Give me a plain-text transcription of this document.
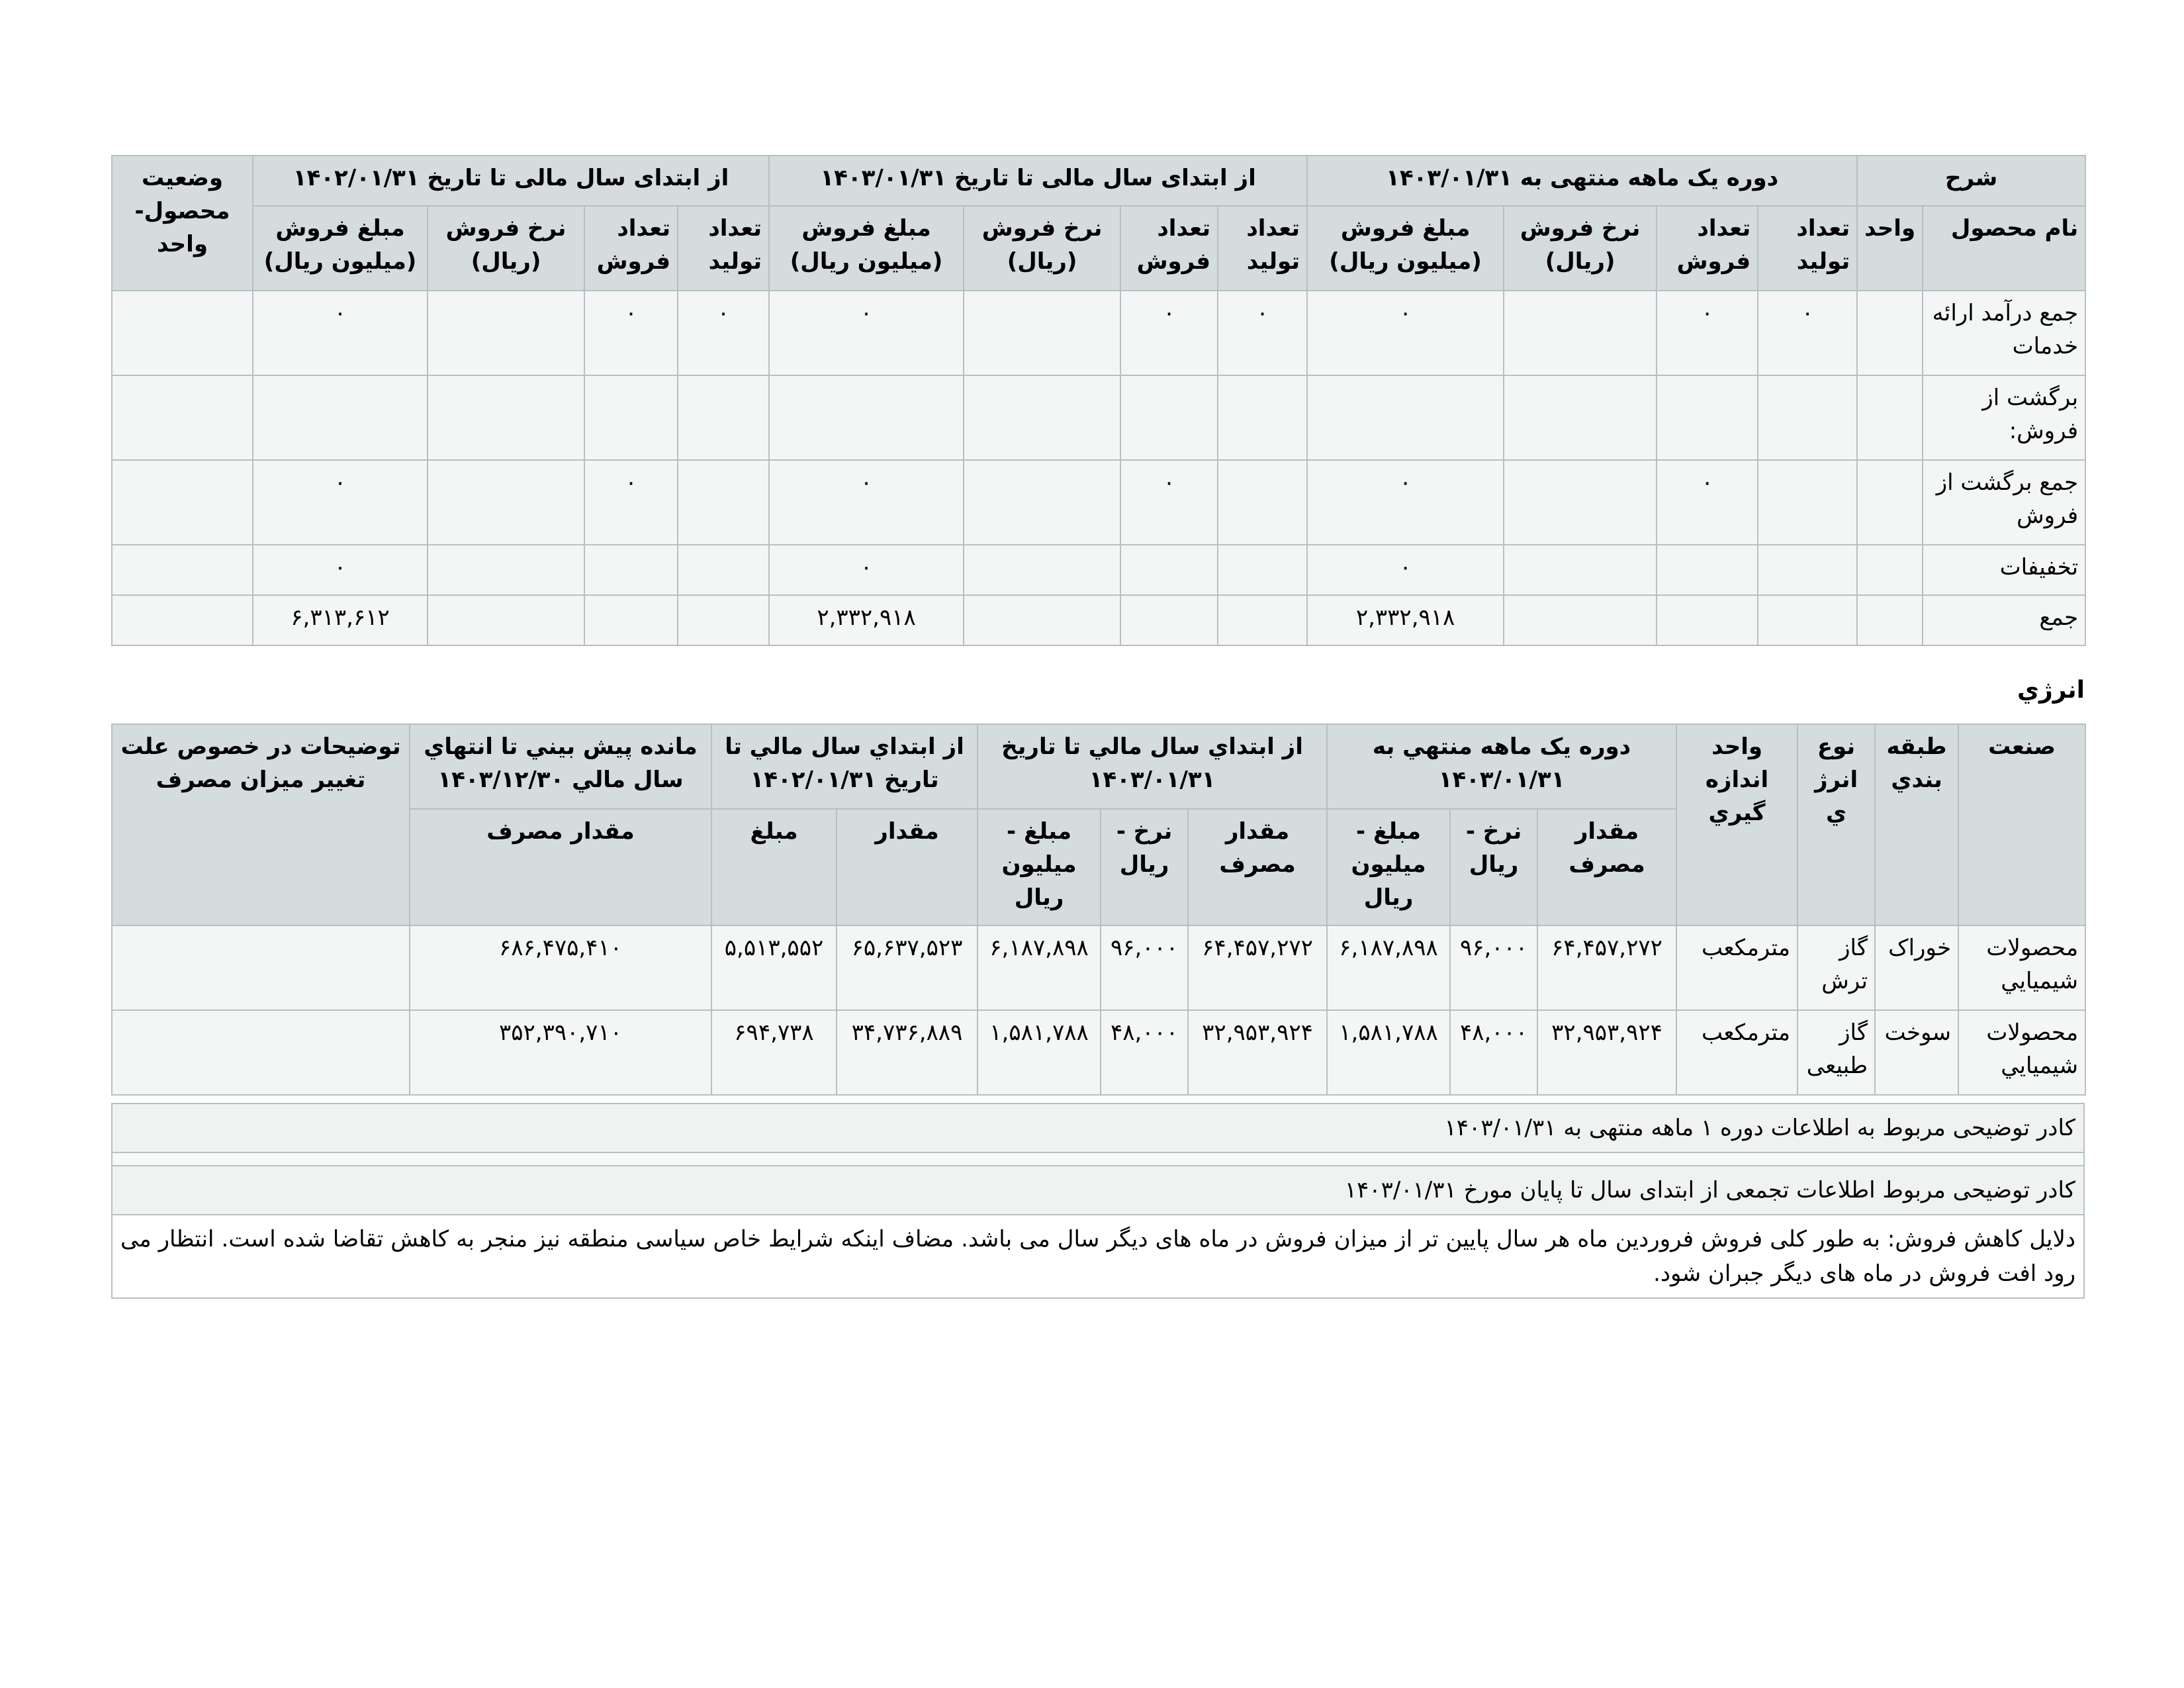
شرح		دوره یک ماهه منتهی به ۱۴۰۳/۰۱/۳۱				از ابتدای سال مالی تا تاریخ ۱۴۰۳/۰۱/۳۱				از ابتدای سال مالی تا تاریخ ۱۴۰۲/۰۱/۳۱				وضعیت محصول-واحد
نام محصول	واحد	تعداد تولید	تعداد فروش	نرخ فروش (ریال)	مبلغ فروش (میلیون ریال)	تعداد تولید	تعداد فروش	نرخ فروش (ریال)	مبلغ فروش (میلیون ریال)	تعداد تولید	تعداد فروش	نرخ فروش (ریال)	مبلغ فروش (میلیون ریال)	
جمع درآمد ارائه خدمات		۰	۰		۰	۰	۰		۰	۰	۰		۰	
برگشت از فروش:														
جمع برگشت از فروش			۰		۰		۰		۰		۰		۰	
تخفیفات					۰				۰				۰	
جمع					۲,۳۳۲,۹۱۸				۲,۳۳۲,۹۱۸				۶,۳۱۳,۶۱۲	
انرژي
صنعت	طبقه بندي	نوع انرژي	واحد اندازه گيري	دوره یک ماهه منتهي به ۱۴۰۳/۰۱/۳۱			از ابتداي سال مالي تا تاریخ ۱۴۰۳/۰۱/۳۱			از ابتداي سال مالي تا تاریخ ۱۴۰۲/۰۱/۳۱		مانده پيش بيني تا انتهاي سال مالي ۱۴۰۳/۱۲/۳۰	توضيحات در خصوص علت تغيير ميزان مصرف
				مقدار مصرف	نرخ - ريال	مبلغ - ميليون ريال	مقدار مصرف	نرخ - ريال	مبلغ - ميليون ريال	مقدار	مبلغ	مقدار مصرف	
محصولات شيميايي	خوراک	گاز ترش	مترمکعب	۶۴,۴۵۷,۲۷۲	۹۶,۰۰۰	۶,۱۸۷,۸۹۸	۶۴,۴۵۷,۲۷۲	۹۶,۰۰۰	۶,۱۸۷,۸۹۸	۶۵,۶۳۷,۵۲۳	۵,۵۱۳,۵۵۲	۶۸۶,۴۷۵,۴۱۰	
محصولات شيميايي	سوخت	گاز طبیعی	مترمکعب	۳۲,۹۵۳,۹۲۴	۴۸,۰۰۰	۱,۵۸۱,۷۸۸	۳۲,۹۵۳,۹۲۴	۴۸,۰۰۰	۱,۵۸۱,۷۸۸	۳۴,۷۳۶,۸۸۹	۶۹۴,۷۳۸	۳۵۲,۳۹۰,۷۱۰	
کادر توضیحی مربوط به اطلاعات دوره ۱ ماهه منتهی به ۱۴۰۳/۰۱/۳۱
کادر توضیحی مربوط اطلاعات تجمعی از ابتدای سال تا پایان مورخ ۱۴۰۳/۰۱/۳۱
دلایل کاهش فروش: به طور کلی فروش فروردین ماه هر سال پایین تر از میزان فروش در ماه های دیگر سال می باشد. مضاف اینکه شرایط خاص سیاسی منطقه نیز منجر به کاهش تقاضا شده است. انتظار می رود افت فروش در ماه های دیگر جبران شود.
